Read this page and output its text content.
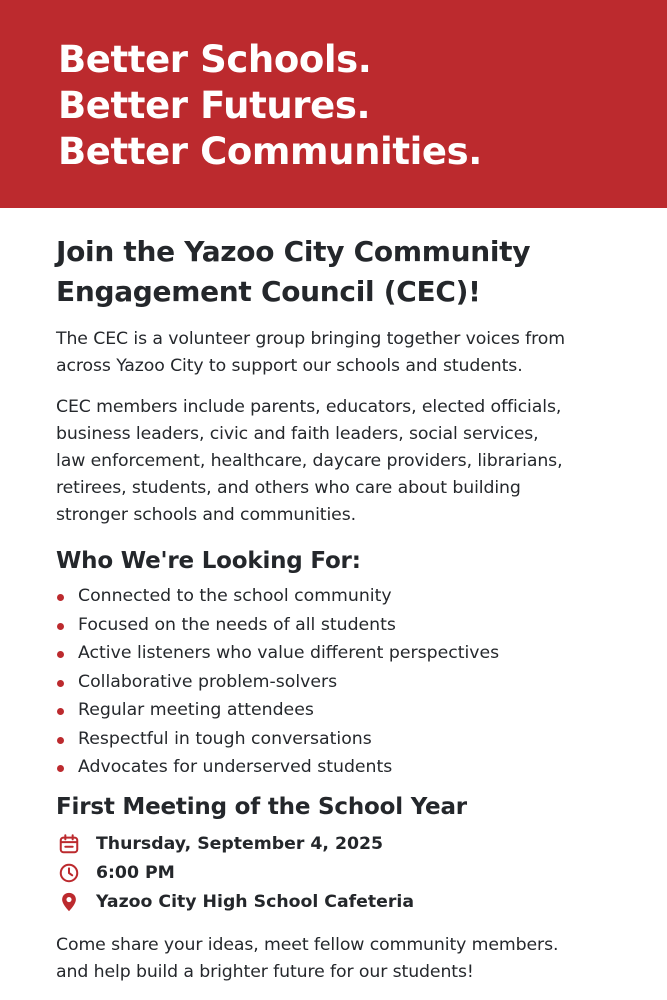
Better Schools.
Better Futures.
Better Communities.
Join the Yazoo City Community
Engagement Council (CEC)!

The CEC is a volunteer group bringing together voices from
across Yazoo City to support our schools and students.

CEC members include parents, educators, elected officials,
business leaders, civic and faith leaders, social services,
law enforcement, healthcare, daycare providers, librarians,
retirees, students, and others who care about building
stronger schools and communities.

Who We're Looking For:
Connected to the school community
Focused on the needs of all students
Active listeners who value different perspectives
Collaborative problem-solvers
Regular meeting attendees
Respectful in tough conversations
Advocates for underserved students
First Meeting of the School Year
Thursday, September 4, 2025
6:00 PM
Yazoo City High School Cafeteria

Come share your ideas, meet fellow community members.
and help build a brighter future for our students!
